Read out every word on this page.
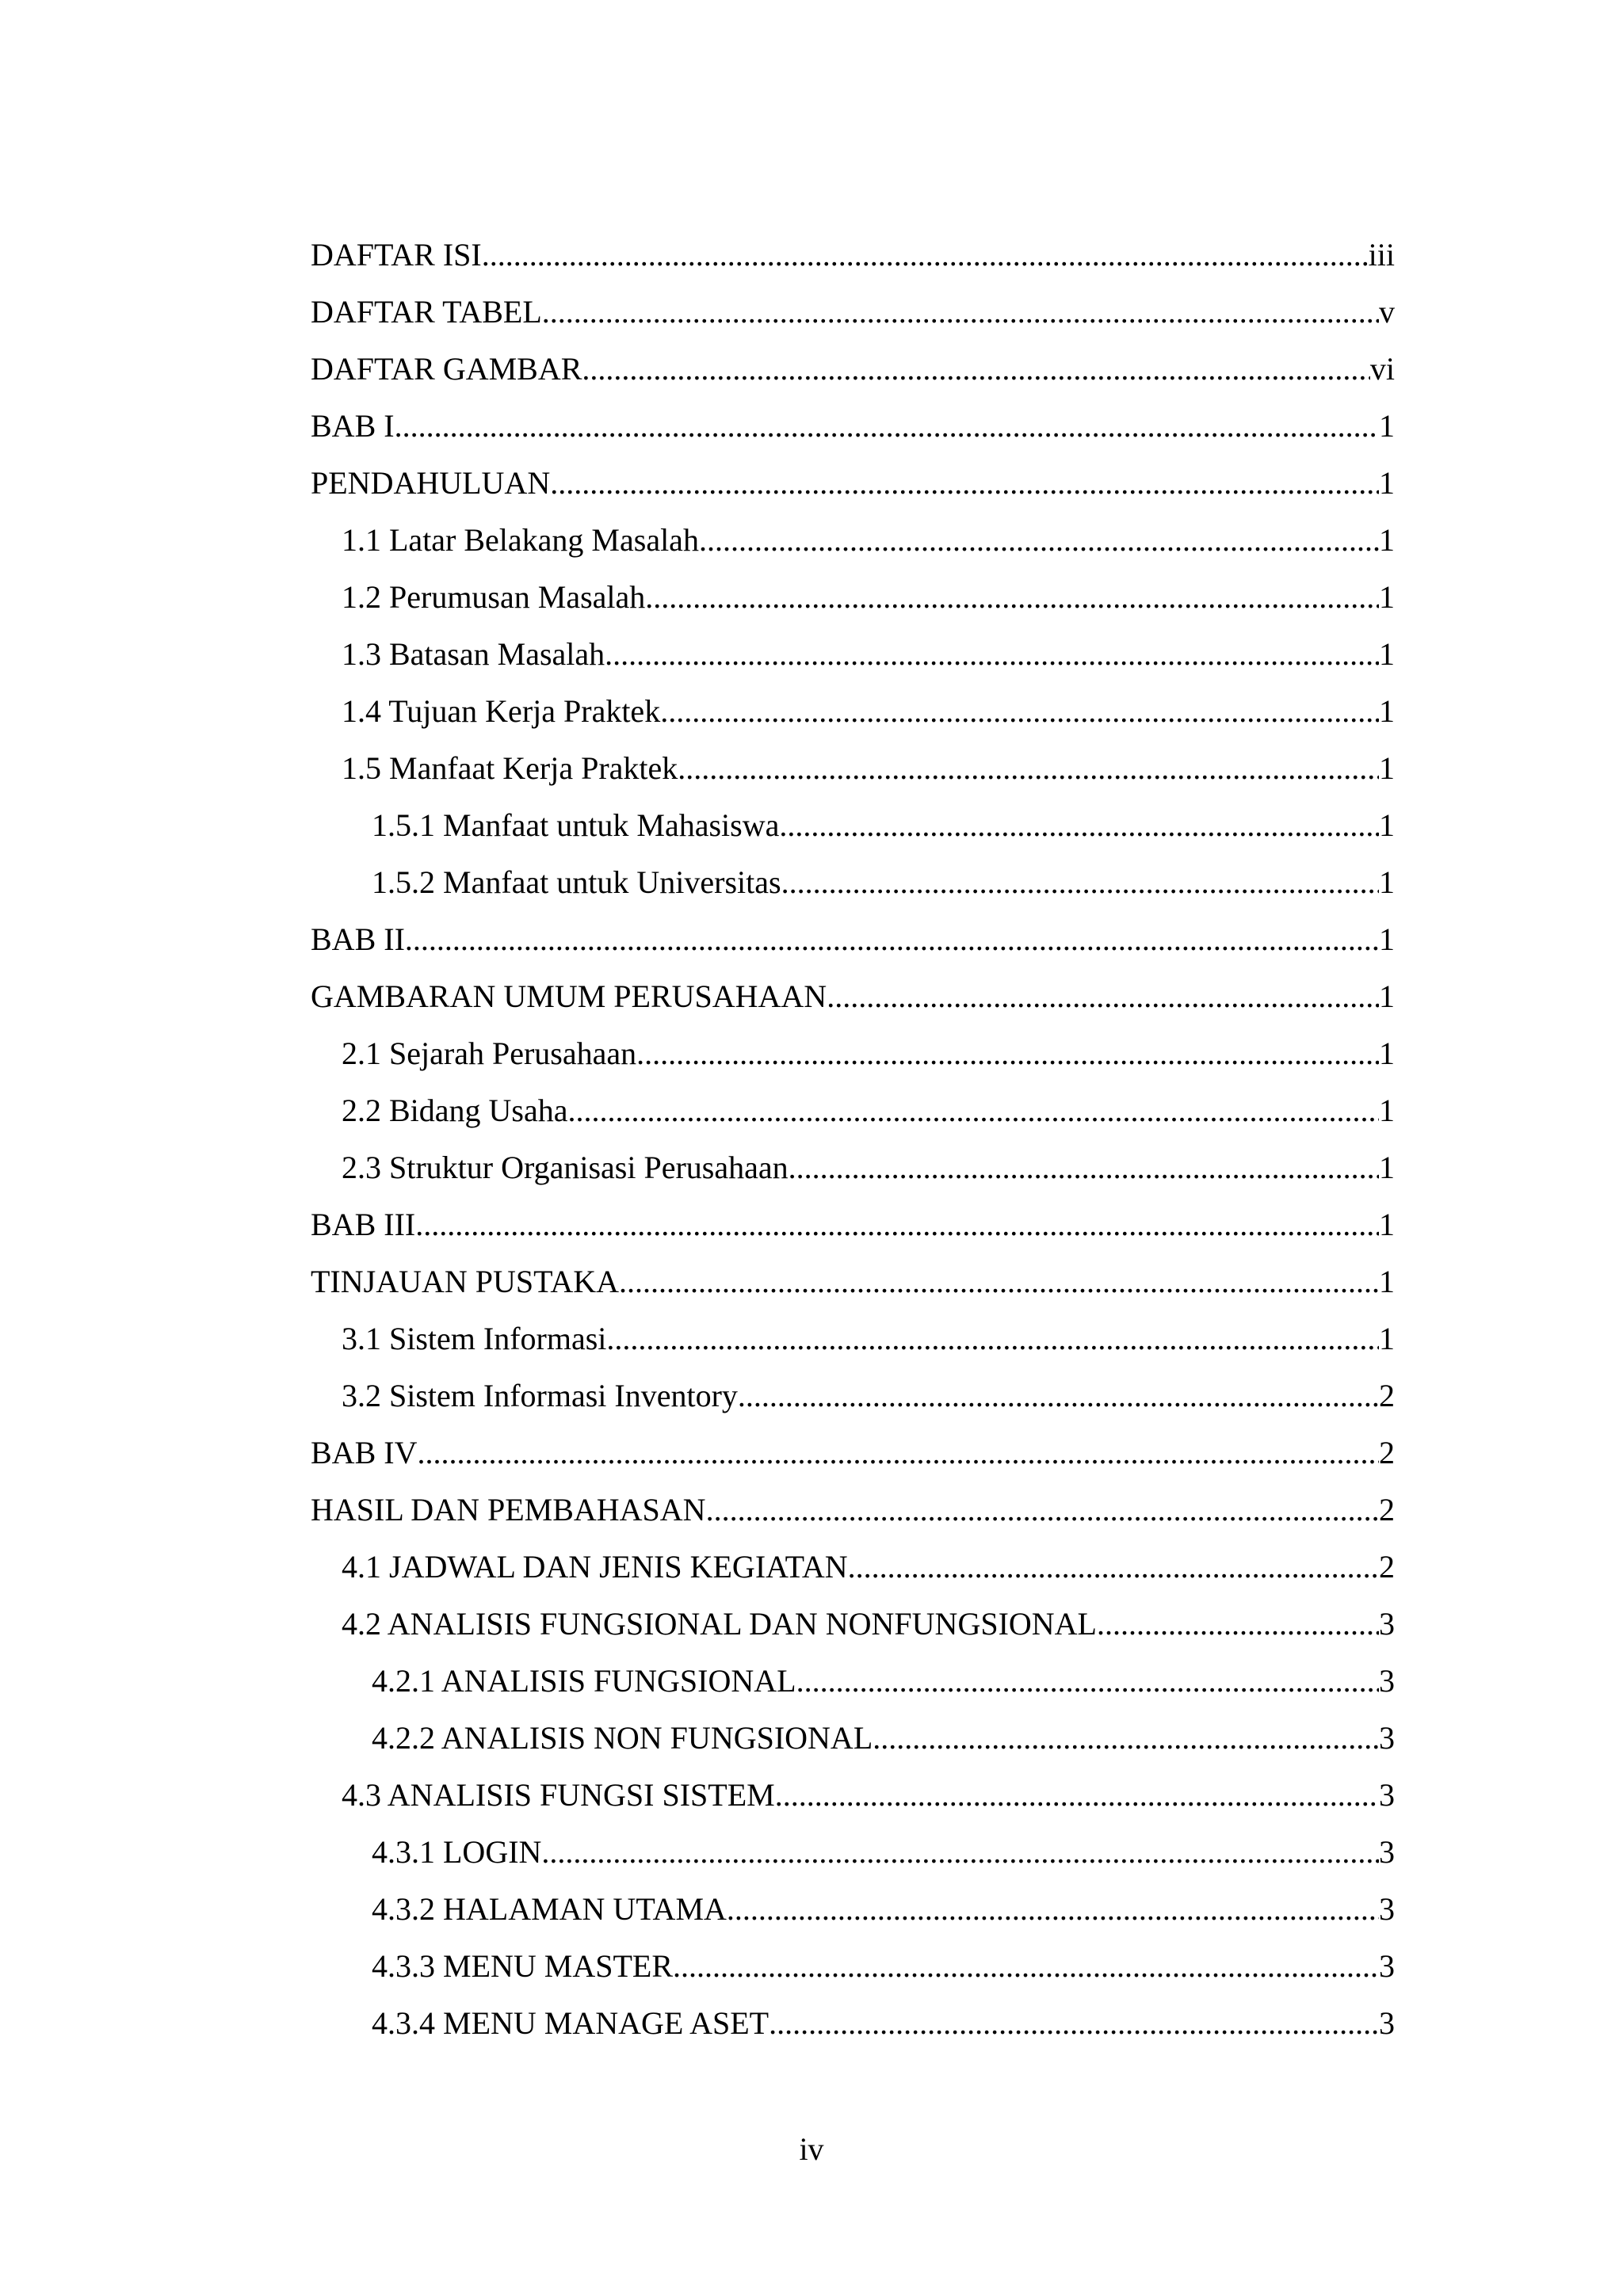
DAFTAR ISI .....	iii
DAFTAR TABEL .....	v
DAFTAR GAMBAR .....	vi
BAB I .....	1
PENDAHULUAN .....	1
1.1 Latar Belakang Masalah .....	1
1.2 Perumusan Masalah .....	1
1.3 Batasan Masalah .....	1
1.4 Tujuan Kerja Praktek .....	1
1.5 Manfaat Kerja Praktek .....	1
1.5.1 Manfaat untuk Mahasiswa .....	1
1.5.2 Manfaat untuk Universitas .....	1
BAB II .....	1
GAMBARAN UMUM PERUSAHAAN .....	1
2.1 Sejarah Perusahaan .....	1
2.2 Bidang Usaha .....	1
2.3 Struktur Organisasi Perusahaan .....	1
BAB III .....	1
TINJAUAN PUSTAKA .....	1
3.1 Sistem Informasi .....	1
3.2 Sistem Informasi Inventory .....	2
BAB IV .....	2
HASIL DAN PEMBAHASAN .....	2
4.1 JADWAL DAN JENIS KEGIATAN .....	2
4.2 ANALISIS FUNGSIONAL DAN NONFUNGSIONAL .....	3
4.2.1 ANALISIS FUNGSIONAL .....	3
4.2.2 ANALISIS NON FUNGSIONAL .....	3
4.3 ANALISIS FUNGSI SISTEM .....	3
4.3.1 LOGIN .....	3
4.3.2 HALAMAN UTAMA .....	3
4.3.3 MENU MASTER .....	3
4.3.4 MENU MANAGE ASET .....	3
iv
